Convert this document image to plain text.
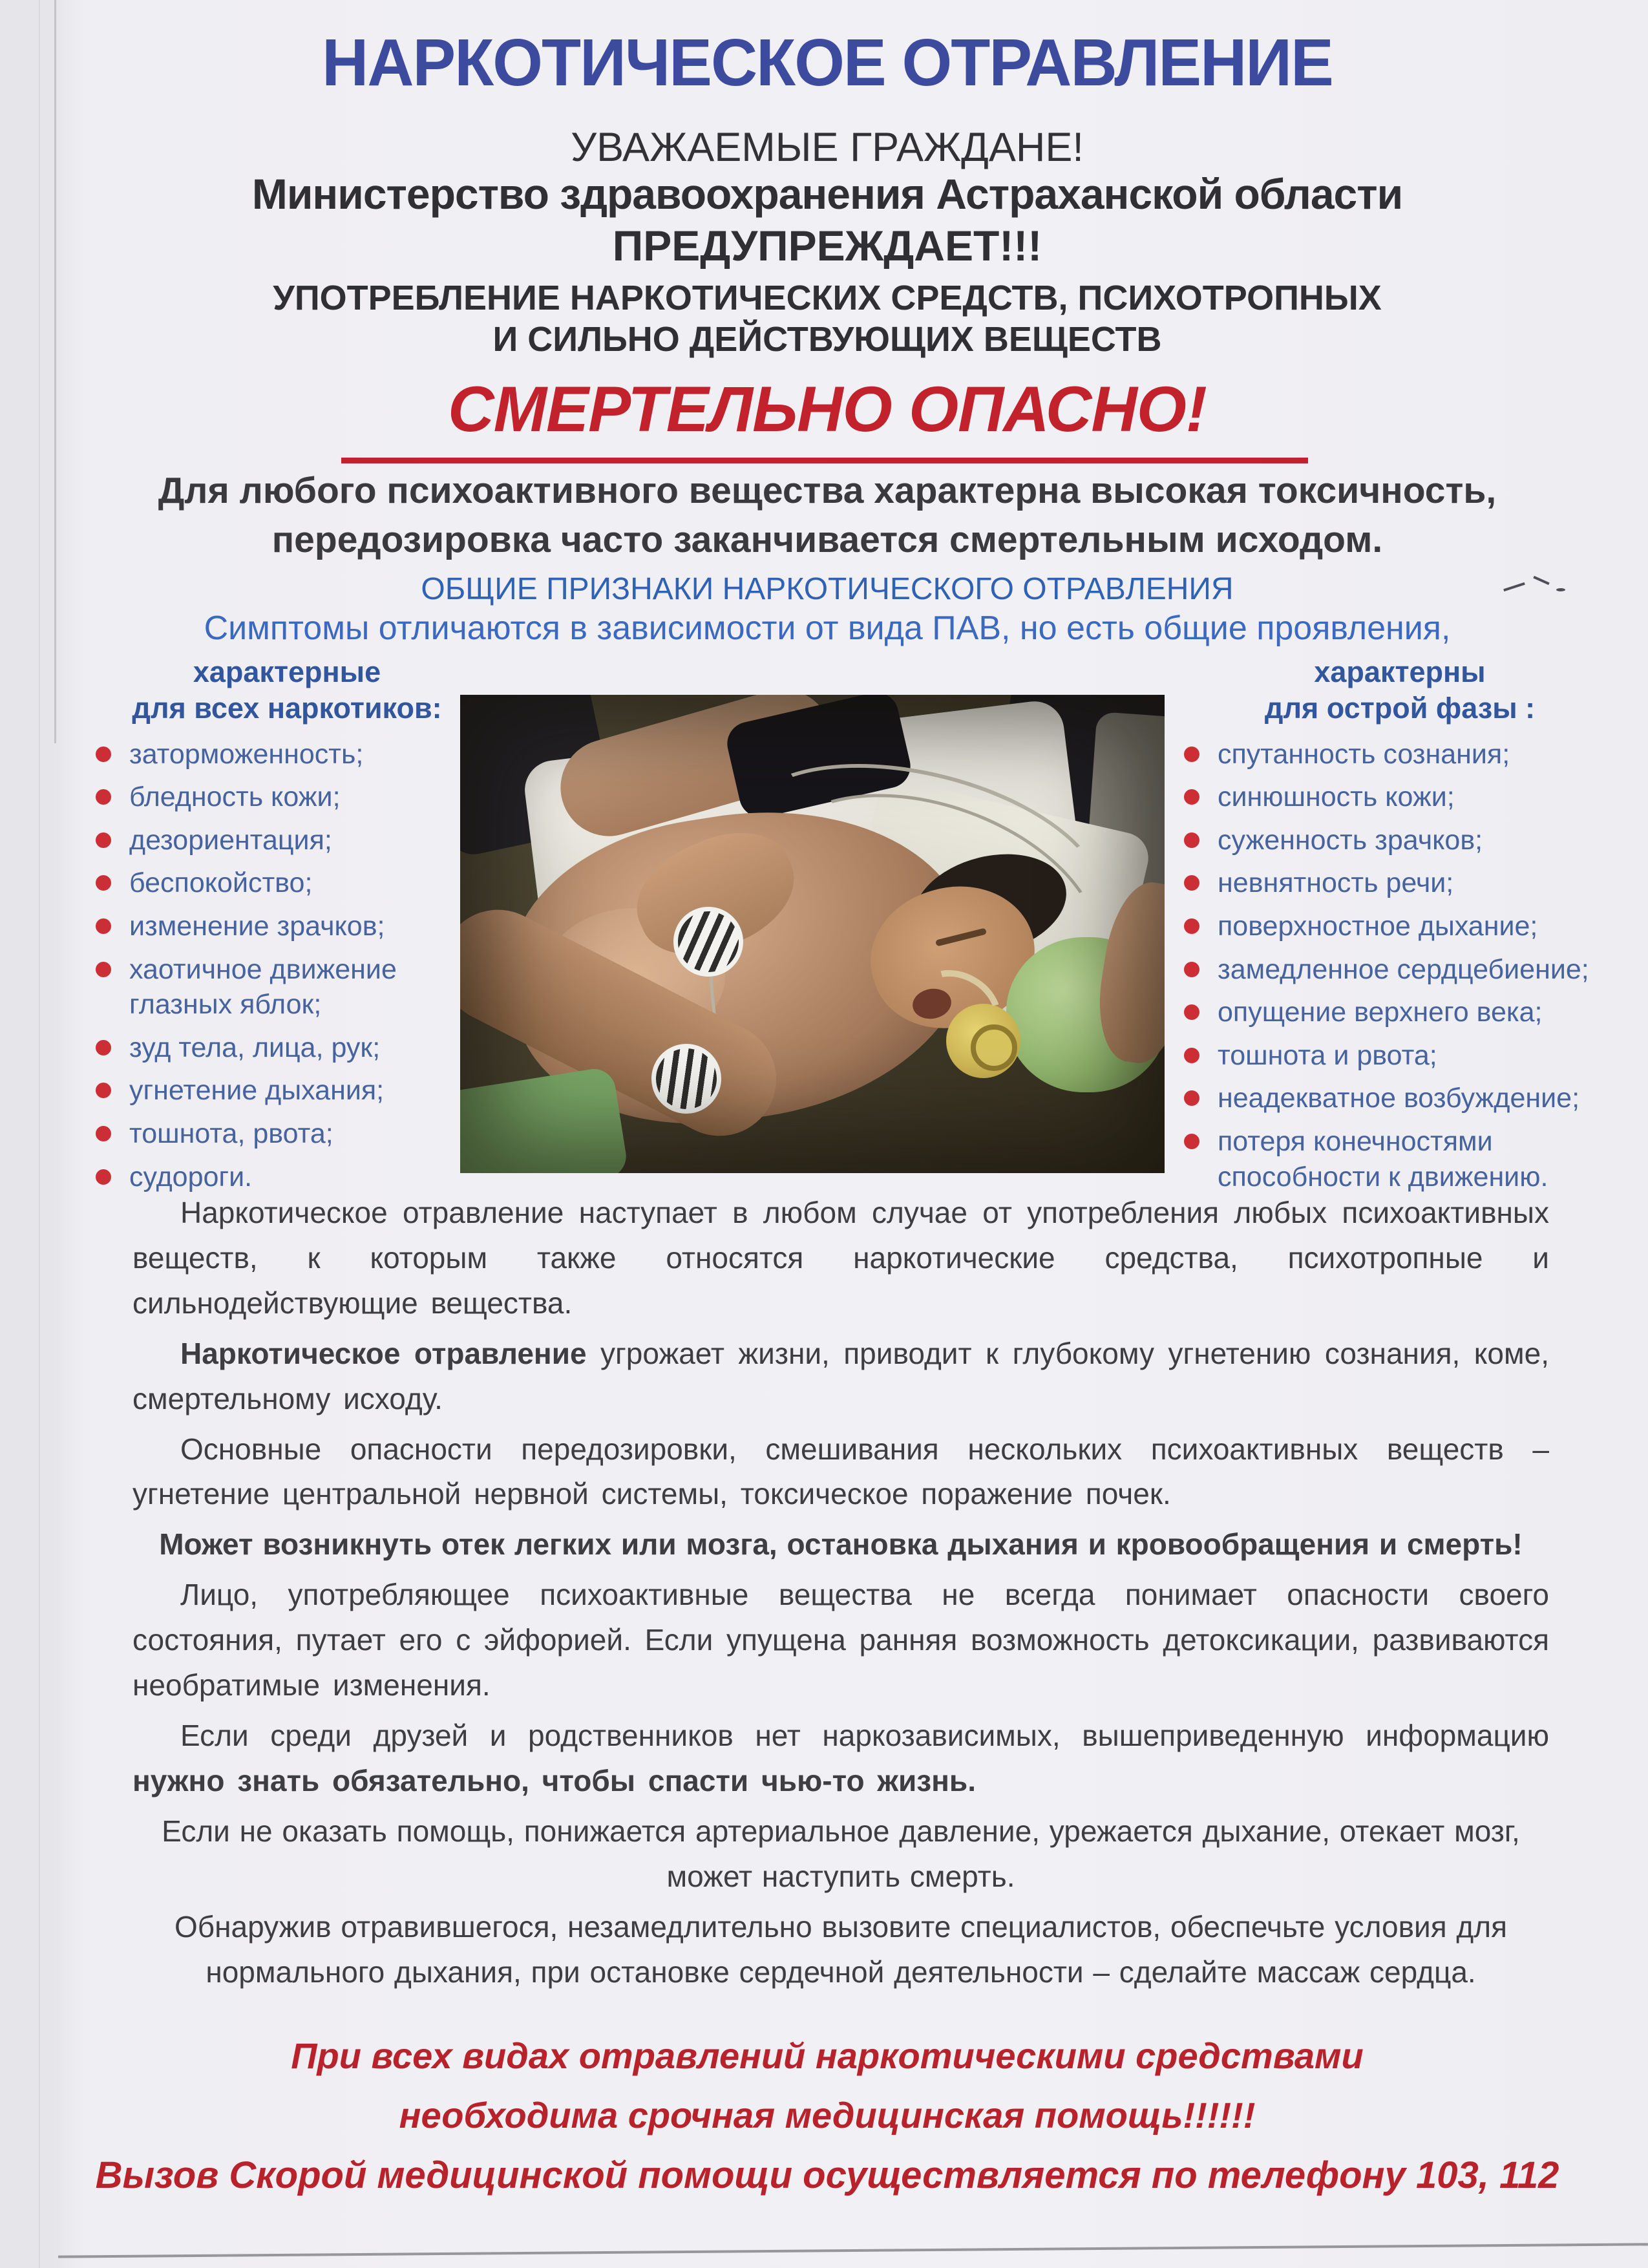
НАРКОТИЧЕСКОЕ ОТРАВЛЕНИЕ
УВАЖАЕМЫЕ ГРАЖДАНЕ!
Министерство здравоохранения Астраханской области
ПРЕДУПРЕЖДАЕТ!!!
УПОТРЕБЛЕНИЕ НАРКОТИЧЕСКИХ СРЕДСТВ, ПСИХОТРОПНЫХ
И СИЛЬНО ДЕЙСТВУЮЩИХ ВЕЩЕСТВ
СМЕРТЕЛЬНО ОПАСНО!
Для любого психоактивного вещества характерна высокая токсичность,
передозировка часто заканчивается смертельным исходом.
ОБЩИЕ ПРИЗНАКИ НАРКОТИЧЕСКОГО ОТРАВЛЕНИЯ
Симптомы отличаются в зависимости от вида ПАВ, но есть общие проявления,
характерные
для всех наркотиков:
заторможенность;
бледность кожи;
дезориентация;
беспокойство;
изменение зрачков;
хаотичное движение глазных яблок;
зуд тела, лица, рук;
угнетение дыхания;
тошнота, рвота;
судороги.
характерны
для острой фазы :
спутанность сознания;
синюшность кожи;
суженность зрачков;
невнятность речи;
поверхностное дыхание;
замедленное сердцебиение;
опущение верхнего века;
тошнота и рвота;
неадекватное возбуждение;
потеря конечностями способности к движению.

Наркотическое отравление наступает в любом случае от употребления любых психоактивных веществ, к которым также относятся наркотические средства, психотропные и сильнодействующие вещества.

Наркотическое отравление угрожает жизни, приводит к глубокому угнетению сознания, коме, смертельному исходу.

Основные опасности передозировки, смешивания нескольких психоактивных веществ – угнетение центральной нервной системы, токсическое поражение почек.

Может возникнуть отек легких или мозга, остановка дыхания и кровообращения и смерть!

Лицо, употребляющее психоактивные вещества не всегда понимает опасности своего состояния, путает его с эйфорией. Если упущена ранняя возможность детоксикации, развиваются необратимые изменения.

Если среди друзей и родственников нет наркозависимых, вышеприведенную информацию нужно знать обязательно, чтобы спасти чью-то жизнь.

Если не оказать помощь, понижается артериальное давление, урежается дыхание, отекает мозг, может наступить смерть.

Обнаружив отравившегося, незамедлительно вызовите специалистов, обеспечьте условия для нормального дыхания, при остановке сердечной деятельности – сделайте массаж сердца.

При всех видах отравлений наркотическими средствами
необходима срочная медицинская помощь!!!!!!
Вызов Скорой медицинской помощи осуществляется по телефону 103, 112
